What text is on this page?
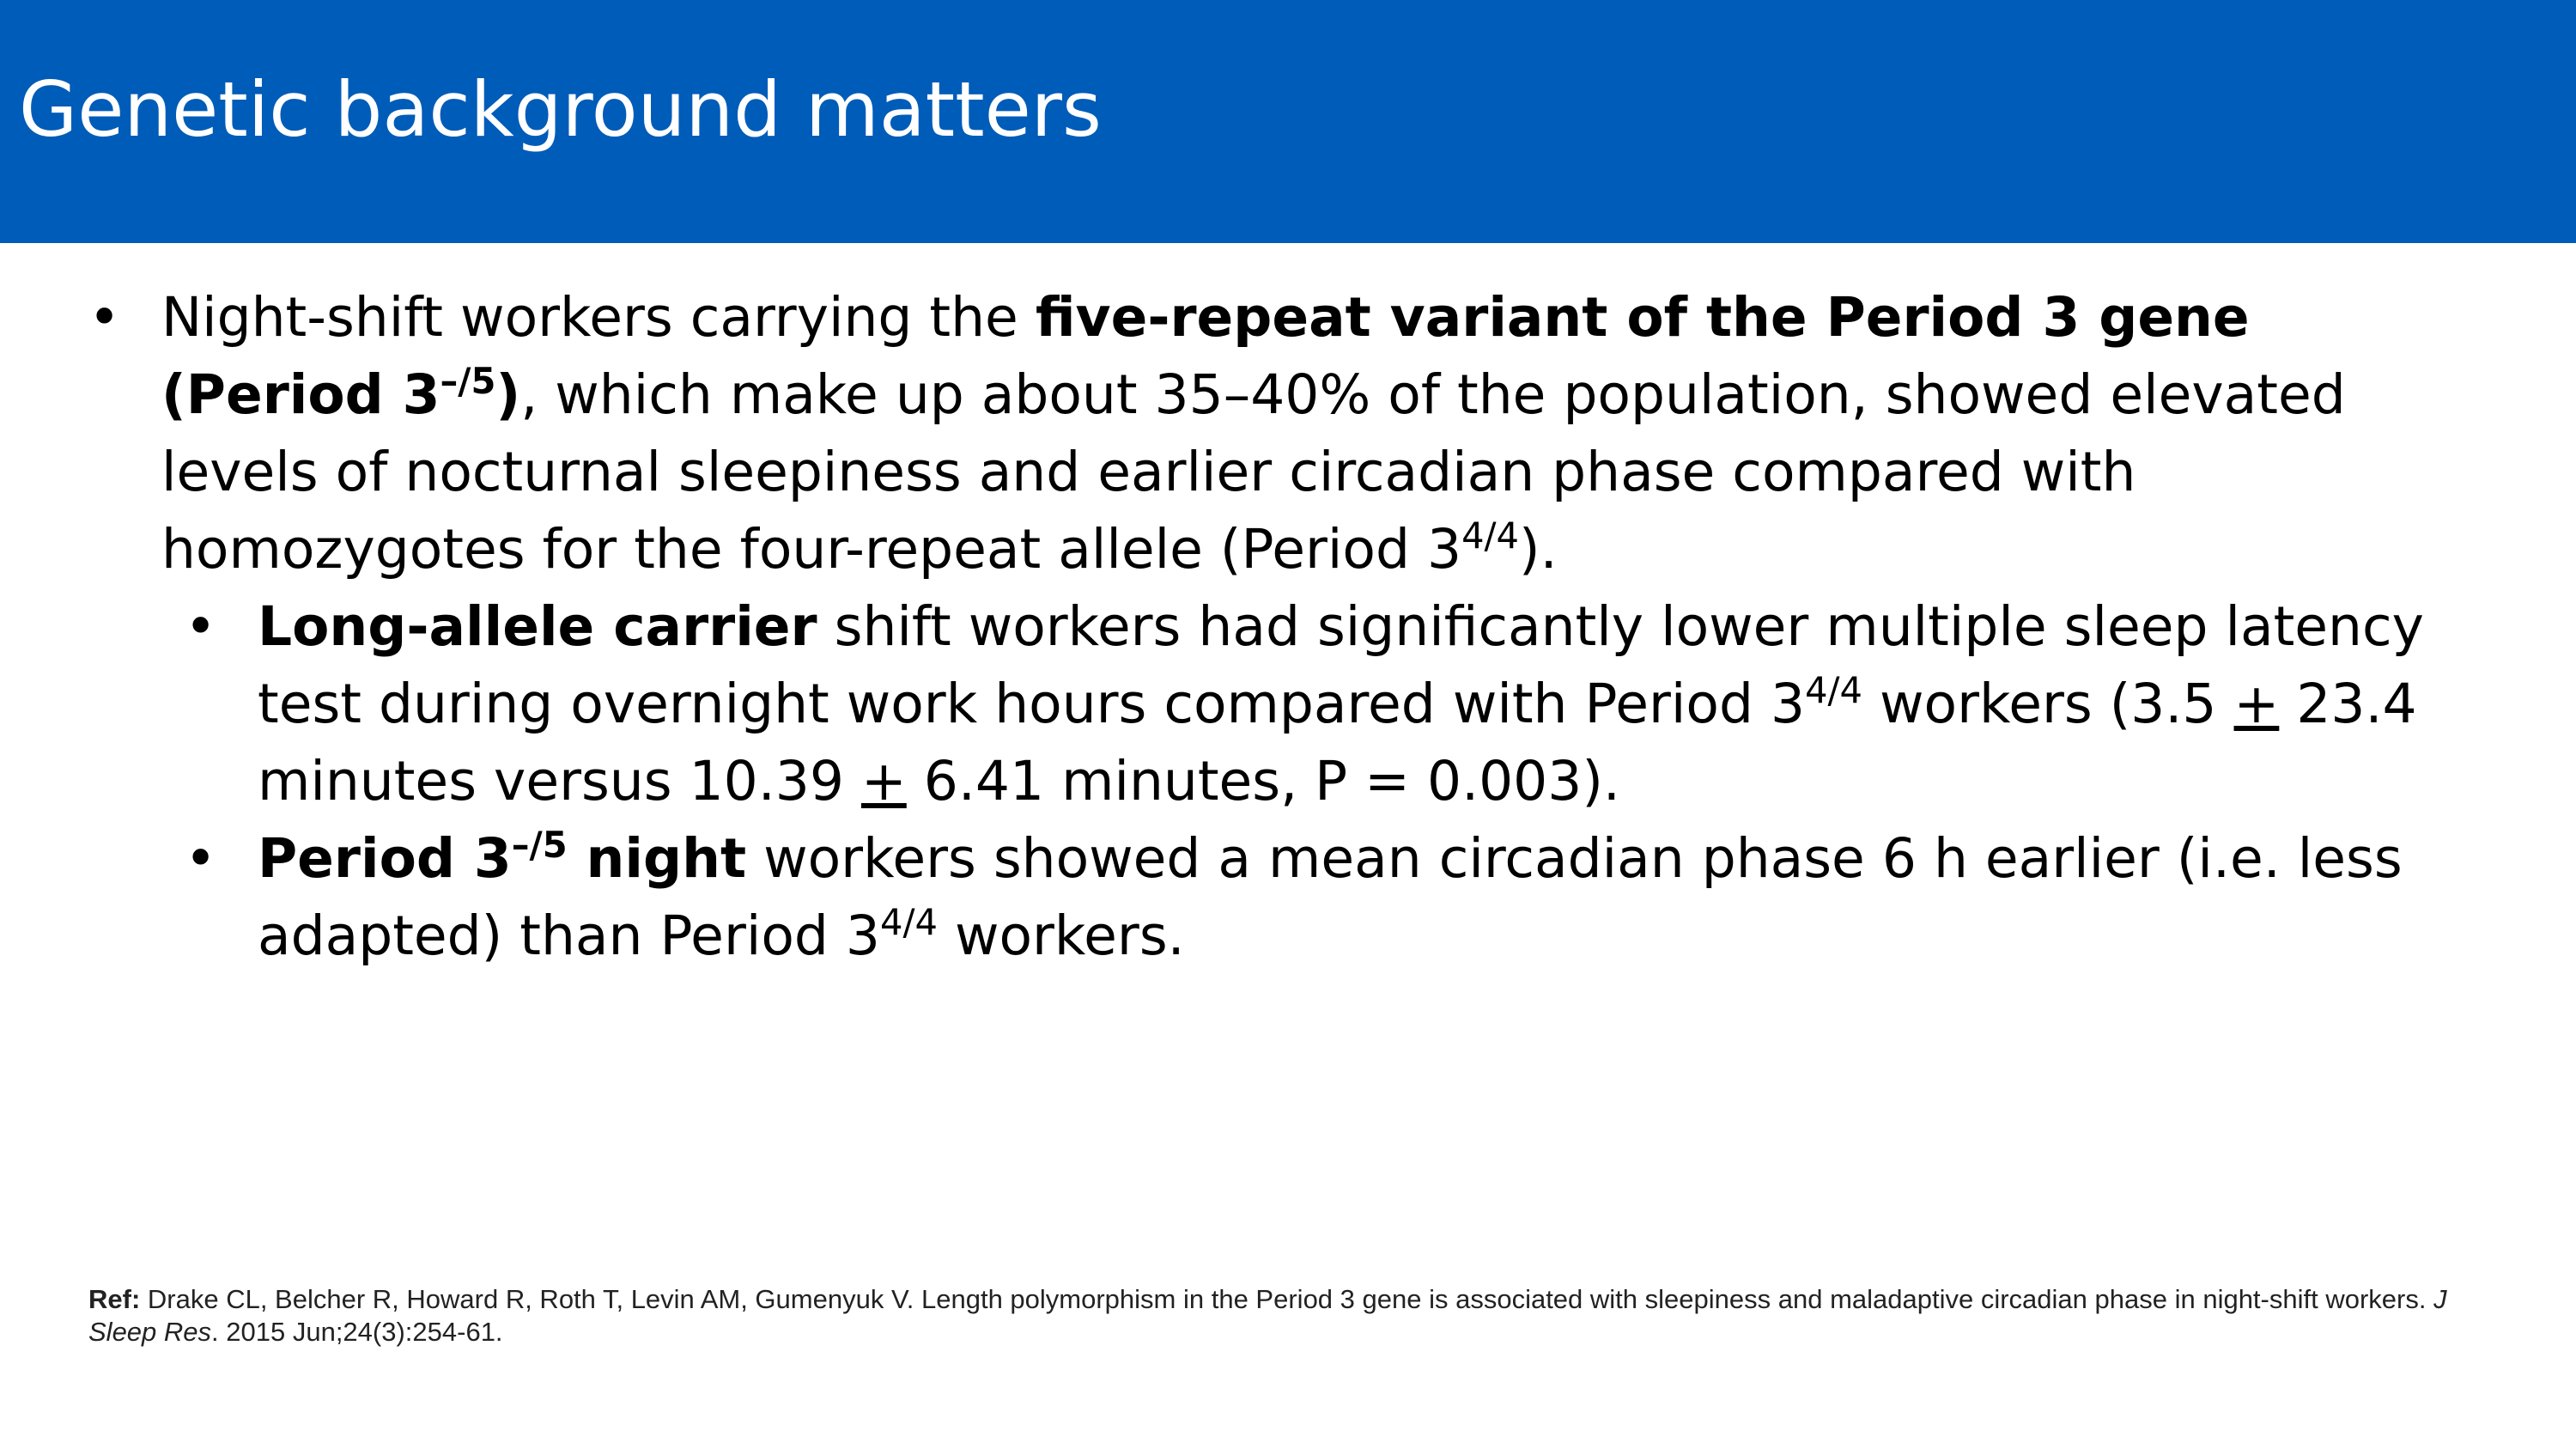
Genetic background matters
• Night-shift workers carrying the five-repeat variant of the Period 3 gene (Period $3^{-/5}$), which make up about 35–40% of the population, showed elevated levels of nocturnal sleepiness and earlier circadian phase compared with homozygotes for the four-repeat allele (Period $3^{4/4}$).
• Long-allele carrier shift workers had significantly lower multiple sleep latency test during overnight work hours compared with Period $3^{4/4}$ workers (3.5 + 23.4 minutes versus 10.39 + 6.41 minutes, P = 0.003).
• Period $3^{-/5}$ night workers showed a mean circadian phase 6 h earlier (i.e. less adapted) than Period $3^{4/4}$ workers.
Ref: Drake CL, Belcher R, Howard R, Roth T, Levin AM, Gumenyuk V. Length polymorphism in the Period 3 gene is associated with sleepiness and maladaptive circadian phase in night-shift workers. J Sleep Res. 2015 Jun;24(3):254-61.
